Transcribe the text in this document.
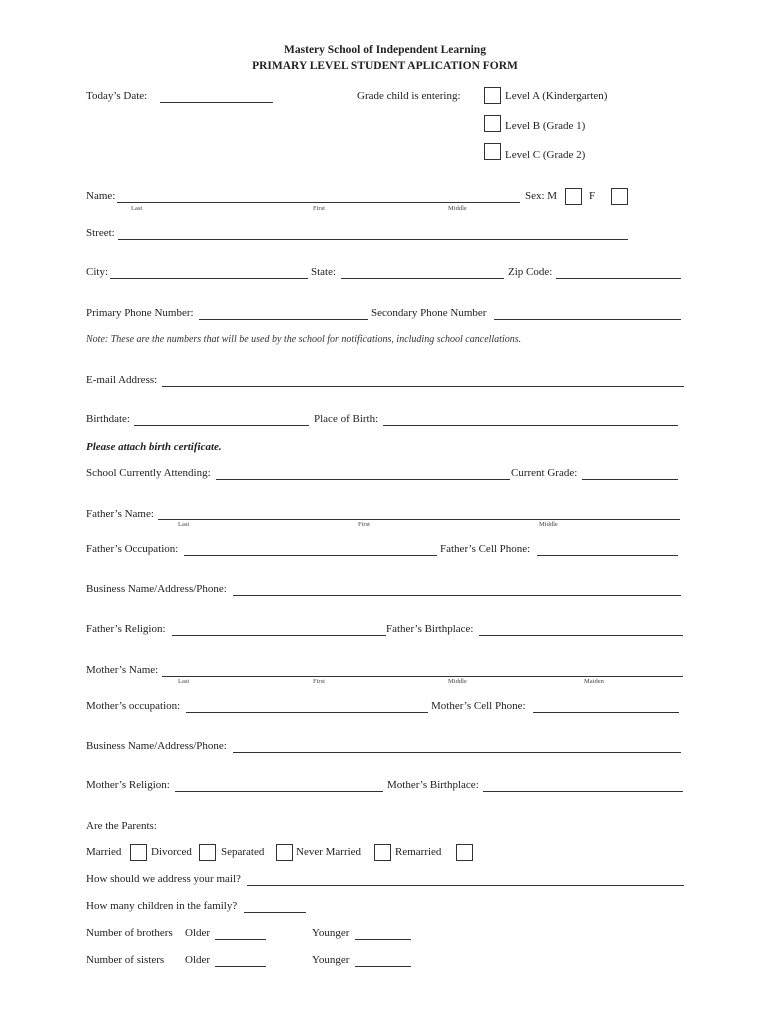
Mastery School of Independent Learning
PRIMARY LEVEL STUDENT APLICATION FORM
Today’s Date:	Grade child is entering:	Level A (Kindergarten)
Level B (Grade 1)
Level C (Grade 2)
Name:
Last	First	Middle
Sex: M	F
Street:
City:	State:	Zip Code:
Primary Phone Number:	Secondary Phone Number
Note: These are the numbers that will be used by the school for notifications, including school cancellations.
E-mail Address:
Birthdate:	Place of Birth:
Please attach birth certificate.
School Currently Attending:	Current Grade:
Father’s Name:
Last	First	Middle
Father’s Occupation:	Father’s Cell Phone:
Business Name/Address/Phone:
Father’s Religion:	Father’s Birthplace:
Mother’s Name:
Last	First	Middle	Maiden
Mother’s occupation:	Mother’s Cell Phone:
Business Name/Address/Phone:
Mother’s Religion:	Mother’s Birthplace:
Are the Parents:
Married	Divorced	Separated	Never Married	Remarried
How should we address your mail?
How many children in the family?
Number of brothers Older	Younger
Number of sisters Older	Younger
